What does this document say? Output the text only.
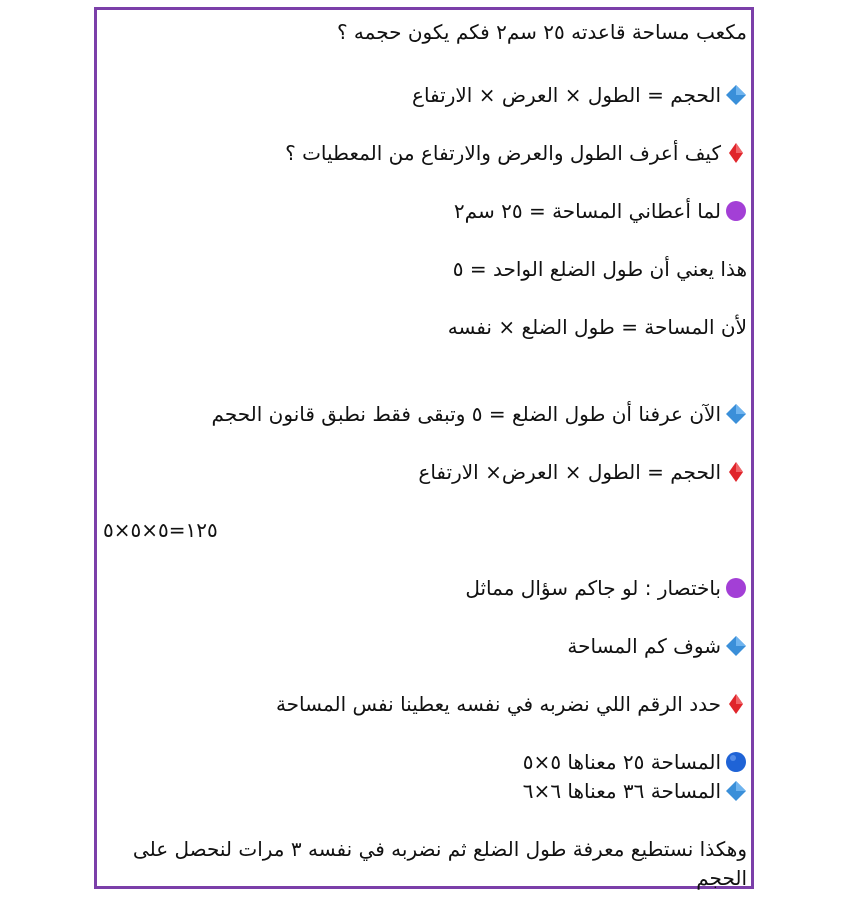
مكعب مساحة قاعدته ٢٥ سم٢ فكم يكون حجمه ؟
الحجم = الطول × العرض × الارتفاع
كيف أعرف الطول والعرض والارتفاع من المعطيات ؟
لما أعطاني المساحة = ٢٥ سم٢
هذا يعني أن طول الضلع الواحد = ٥
لأن المساحة = طول الضلع × نفسه
الآن عرفنا أن طول الضلع = ٥ وتبقى فقط نطبق قانون الحجم
الحجم = الطول × العرض× الارتفاع
١٢٥=٥×٥×٥
باختصار : لو جاكم سؤال مماثل
شوف كم المساحة
حدد الرقم اللي نضربه في نفسه يعطينا نفس المساحة
المساحة ٢٥ معناها ٥×٥
المساحة ٣٦ معناها ٦×٦
وهكذا نستطيع معرفة طول الضلع ثم نضربه في نفسه ٣ مرات لنحصل على الحجم
